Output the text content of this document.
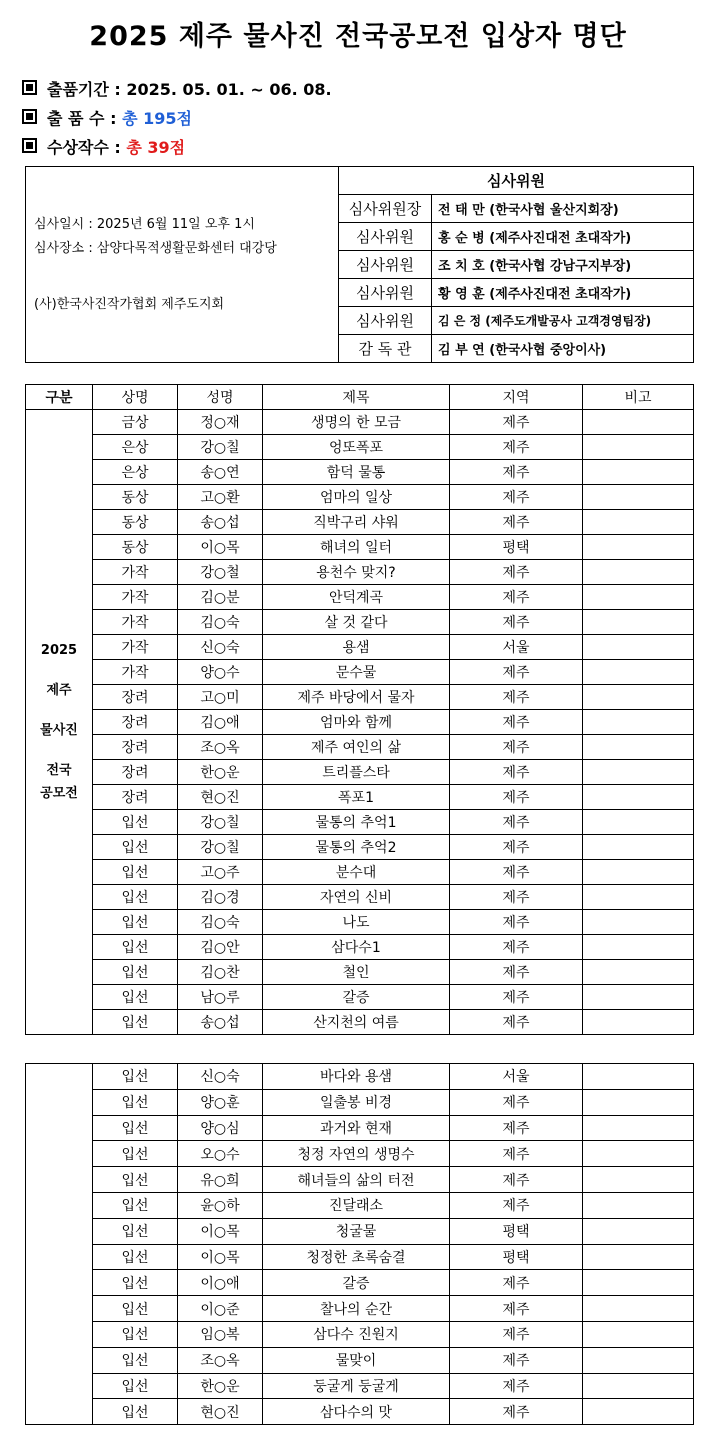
2025 제주 물사진 전국공모전 입상자 명단
출품기간 : 2025. 05. 01. ~ 06. 08.
출 품 수 : 총 195점
수상작수 : 총 39점
심사일시 : 2025년 6월 11일 오후 1시
심사장소 : 삼양다목적생활문화센터 대강당
(사)한국사진작가협회 제주도지회	심사위원	
	심사위원장	전 태 만 (한국사협 울산지회장)
	심사위원	홍 순 병 (제주사진대전 초대작가)
	심사위원	조 치 호 (한국사협 강남구지부장)
	심사위원	황 영 훈 (제주사진대전 초대작가)
	심사위원	김 은 정 (제주도개발공사 고객경영팀장)
	감 독 관	김 부 연 (한국사협 중앙이사)
구분	상명	성명	제목	지역	비고

2025
제주
물사진
전국
공모전	금상	정○재	생명의 한 모금	제주	
	은상	강○칠	엉또폭포	제주	
	은상	송○연	함덕 물통	제주	
	동상	고○환	엄마의 일상	제주	
	동상	송○섭	직박구리 샤워	제주	
	동상	이○목	해녀의 일터	평택	
	가작	강○철	용천수 맞지?	제주	
	가작	김○분	안덕계곡	제주	
	가작	김○숙	살 것 같다	제주	
	가작	신○숙	용샘	서울	
	가작	양○수	문수물	제주	
	장려	고○미	제주 바당에서 물자	제주	
	장려	김○애	엄마와 함께	제주	
	장려	조○옥	제주 여인의 삶	제주	
	장려	한○운	트리플스타	제주	
	장려	현○진	폭포1	제주	
	입선	강○칠	물통의 추억1	제주	
	입선	강○칠	물통의 추억2	제주	
	입선	고○주	분수대	제주	
	입선	김○경	자연의 신비	제주	
	입선	김○숙	나도	제주	
	입선	김○안	삼다수1	제주	
	입선	김○찬	철인	제주	
	입선	남○루	갈증	제주	
	입선	송○섭	산지천의 여름	제주	
	입선	신○숙	바다와 용샘	서울	
	입선	양○훈	일출봉 비경	제주	
	입선	양○심	과거와 현재	제주	
	입선	오○수	청정 자연의 생명수	제주	
	입선	유○희	해녀들의 삶의 터전	제주	
	입선	윤○하	진달래소	제주	
	입선	이○목	청굴물	평택	
	입선	이○목	청정한 초록숨결	평택	
	입선	이○애	갈증	제주	
	입선	이○준	찰나의 순간	제주	
	입선	임○복	삼다수 진원지	제주	
	입선	조○옥	물맞이	제주	
	입선	한○운	둥굴게 둥굴게	제주	
	입선	현○진	삼다수의 맛	제주	
